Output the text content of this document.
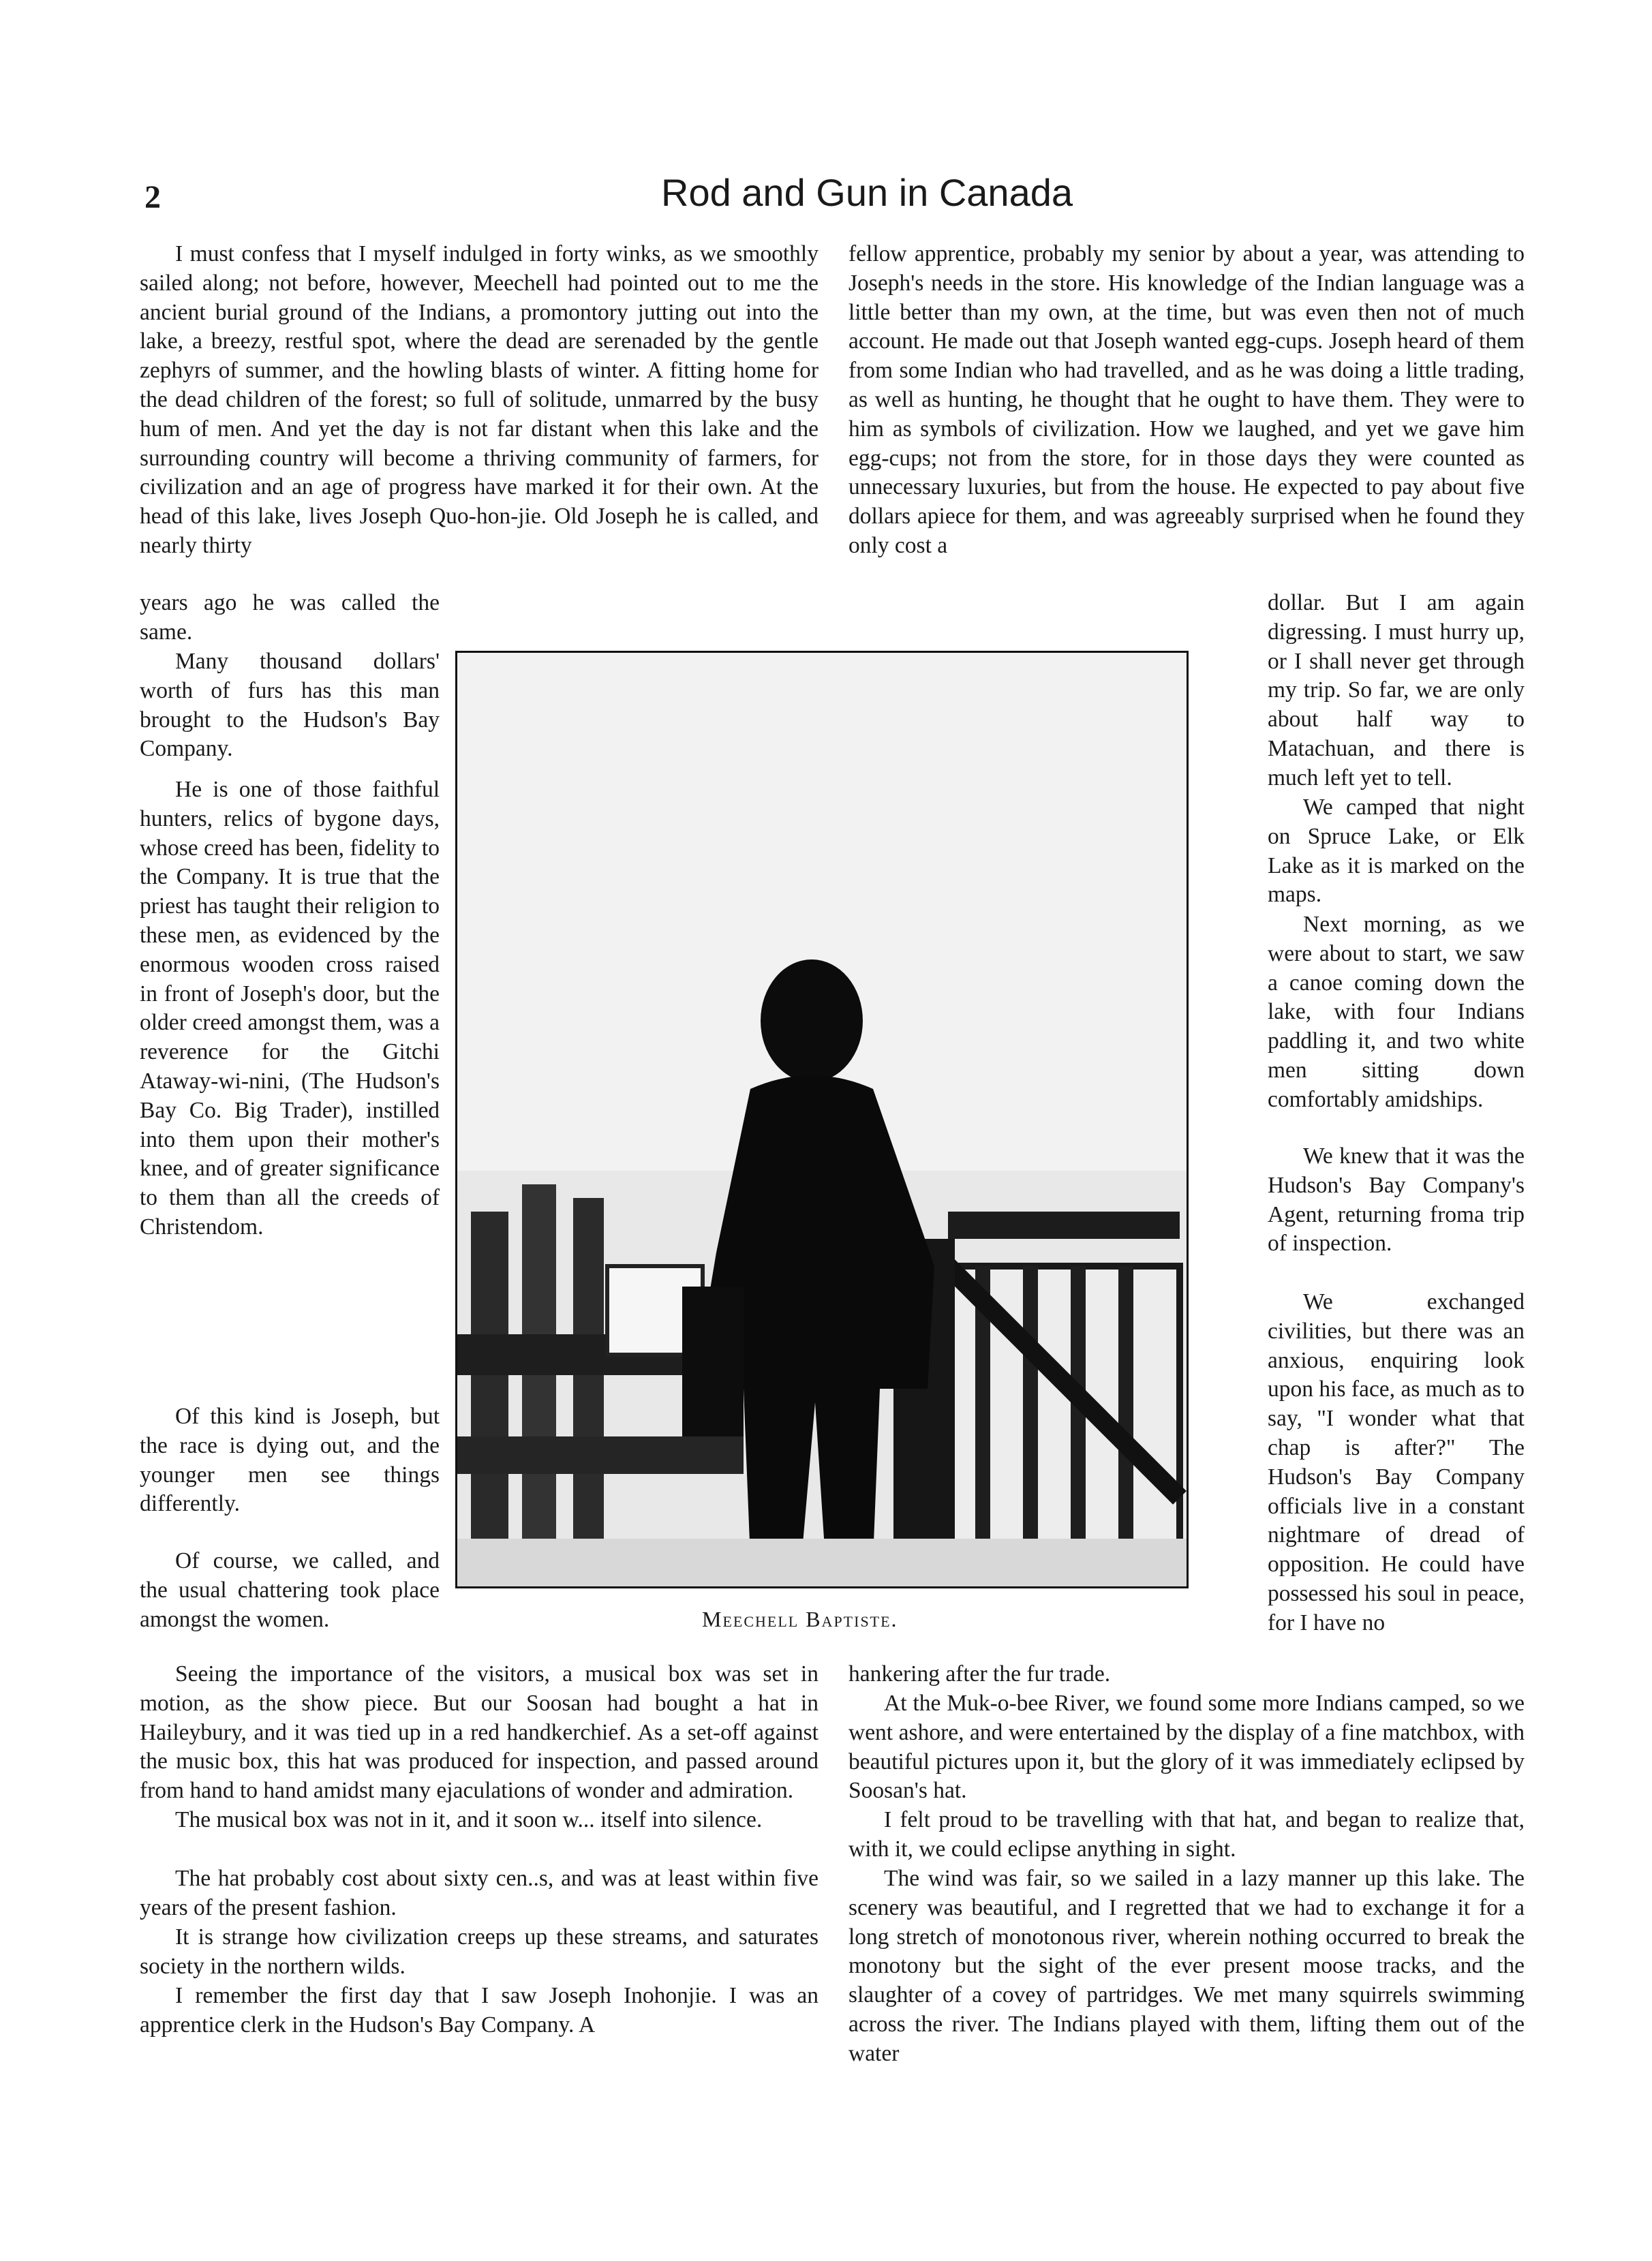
2	Rod and Gun in Canada

I must confess that I myself indulged in forty winks, as we smoothly sailed along; not before, however, Meechell had pointed out to me the ancient burial ground of the Indians, a promontory jutting out into the lake, a breezy, restful spot, where the dead are serenaded by the gentle zephyrs of summer, and the howling blasts of winter. A fitting home for the dead children of the forest; so full of solitude, unmarred by the busy hum of men. And yet the day is not far distant when this lake and the surrounding country will become a thriving community of farmers, for civilization and an age of progress have marked it for their own. At the head of this lake, lives Joseph Quo-hon-jie. Old Joseph he is called, and nearly thirty

years ago he was called the same.

Many thousand dollars' worth of furs has this man brought to the Hudson's Bay Company.

He is one of those faithful hunters, relics of bygone days, whose creed has been, fidelity to the Company. It is true that the priest has taught their religion to these men, as evidenced by the enormous wooden cross raised in front of Joseph's door, but the older creed amongst them, was a reverence for the Gitchi Ataway-wi-nini, (The Hudson's Bay Co. Big Trader), instilled into them upon their mother's knee, and of greater significance to them than all the creeds of Christendom.

Of this kind is Joseph, but the race is dying out, and the younger men see things differently.

Of course, we called, and the usual chattering took place amongst the women.

Seeing the importance of the visitors, a musical box was set in motion, as the show piece. But our Soosan had bought a hat in Haileybury, and it was tied up in a red handkerchief. As a set-off against the music box, this hat was produced for inspection, and passed around from hand to hand amidst many ejaculations of wonder and admiration.

The musical box was not in it, and it soon w... itself into silence.

The hat probably cost about sixty cen..s, and was at least within five years of the present fashion.

It is strange how civilization creeps up these streams, and saturates society in the northern wilds.

I remember the first day that I saw Joseph Inohonjie. I was an apprentice clerk in the Hudson's Bay Company. A

fellow apprentice, probably my senior by about a year, was attending to Joseph's needs in the store. His knowledge of the Indian language was a little better than my own, at the time, but was even then not of much account. He made out that Joseph wanted egg-cups. Joseph heard of them from some Indian who had travelled, and as he was doing a little trading, as well as hunting, he thought that he ought to have them. They were to him as symbols of civilization. How we laughed, and yet we gave him egg-cups; not from the store, for in those days they were counted as unnecessary luxuries, but from the house. He expected to pay about five dollars apiece for them, and was agreeably surprised when he found they only cost a

dollar. But I am again digressing. I must hurry up, or I shall never get through my trip. So far, we are only about half way to Matachuan, and there is much left yet to tell.

We camped that night on Spruce Lake, or Elk Lake as it is marked on the maps.

Next morning, as we were about to start, we saw a canoe coming down the lake, with four Indians paddling it, and two white men sitting down comfortably amidships.

We knew that it was the Hudson's Bay Company's Agent, returning froma trip of inspection.

We exchanged civilities, but there was an anxious, enquiring look upon his face, as much as to say, "I wonder what that chap is after?" The Hudson's Bay Company officials live in a constant nightmare of dread of opposition. He could have possessed his soul in peace, for I have no

hankering after the fur trade.

At the Muk-o-bee River, we found some more Indians camped, so we went ashore, and were entertained by the display of a fine matchbox, with beautiful pictures upon it, but the glory of it was immediately eclipsed by Soosan's hat.

I felt proud to be travelling with that hat, and began to realize that, with it, we could eclipse anything in sight.

The wind was fair, so we sailed in a lazy manner up this lake. The scenery was beautiful, and I regretted that we had to exchange it for a long stretch of monotonous river, wherein nothing occurred to break the monotony but the sight of the ever present moose tracks, and the slaughter of a covey of partridges. We met many squirrels swimming across the river. The Indians played with them, lifting them out of the water

Meechell Baptiste.
